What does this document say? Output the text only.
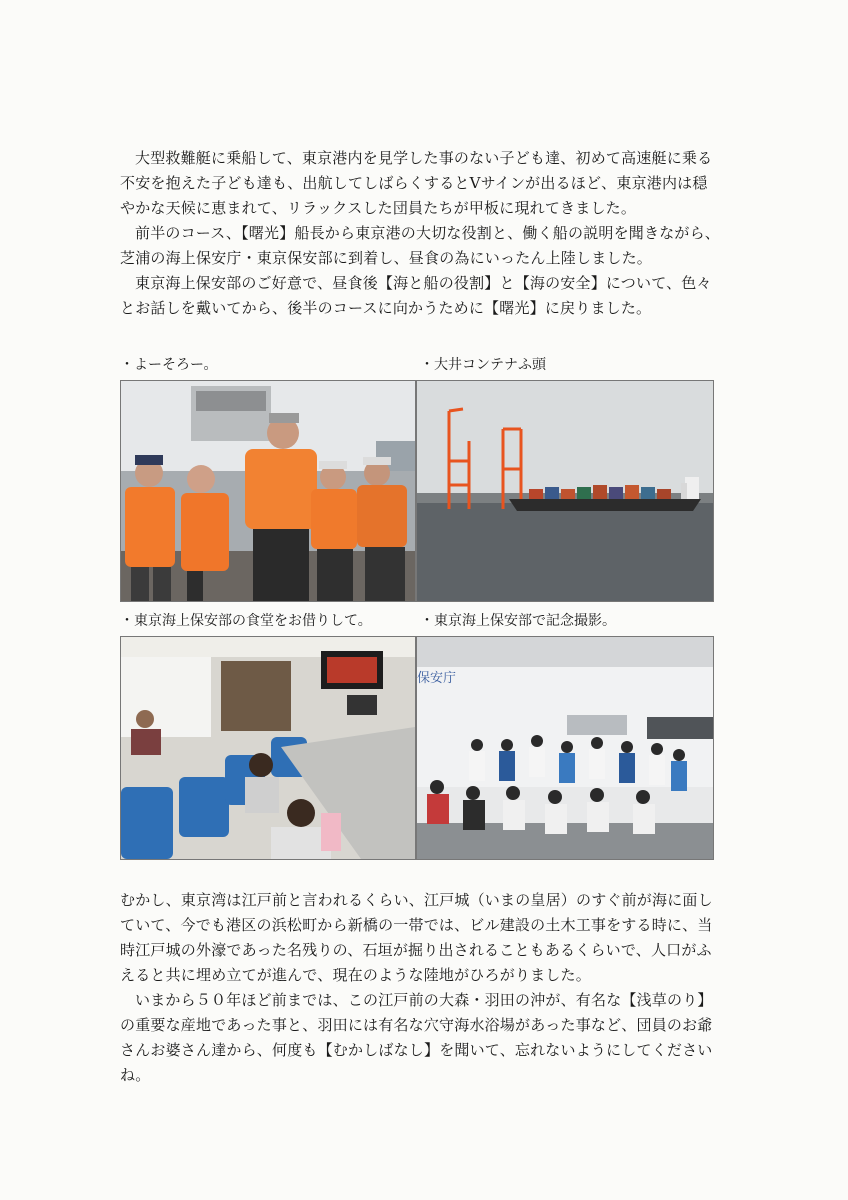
大型救難艇に乗船して、東京港内を見学した事のない子ども達、初めて高速艇に乗る不安を抱えた子ども達も、出航してしばらくするとVサインが出るほど、東京港内は穏やかな天候に恵まれて、リラックスした団員たちが甲板に現れてきました。

前半のコース、【曙光】船長から東京港の大切な役割と、働く船の説明を聞きながら、芝浦の海上保安庁・東京保安部に到着し、昼食の為にいったん上陸しました。

東京海上保安部のご好意で、昼食後【海と船の役割】と【海の安全】について、色々とお話しを戴いてから、後半のコースに向かうために【曙光】に戻りました。

・よーそろー。	・大井コンテナふ頭
・東京海上保安部の食堂をお借りして。	・東京海上保安部で記念撮影。
保安庁

むかし、東京湾は江戸前と言われるくらい、江戸城（いまの皇居）のすぐ前が海に面していて、今でも港区の浜松町から新橋の一帯では、ビル建設の土木工事をする時に、当時江戸城の外濠であった名残りの、石垣が掘り出されることもあるくらいで、人口がふえると共に埋め立てが進んで、現在のような陸地がひろがりました。

いまから５０年ほど前までは、この江戸前の大森・羽田の沖が、有名な【浅草のり】の重要な産地であった事と、羽田には有名な穴守海水浴場があった事など、団員のお爺さんお婆さん達から、何度も【むかしばなし】を聞いて、忘れないようにしてくださいね。
